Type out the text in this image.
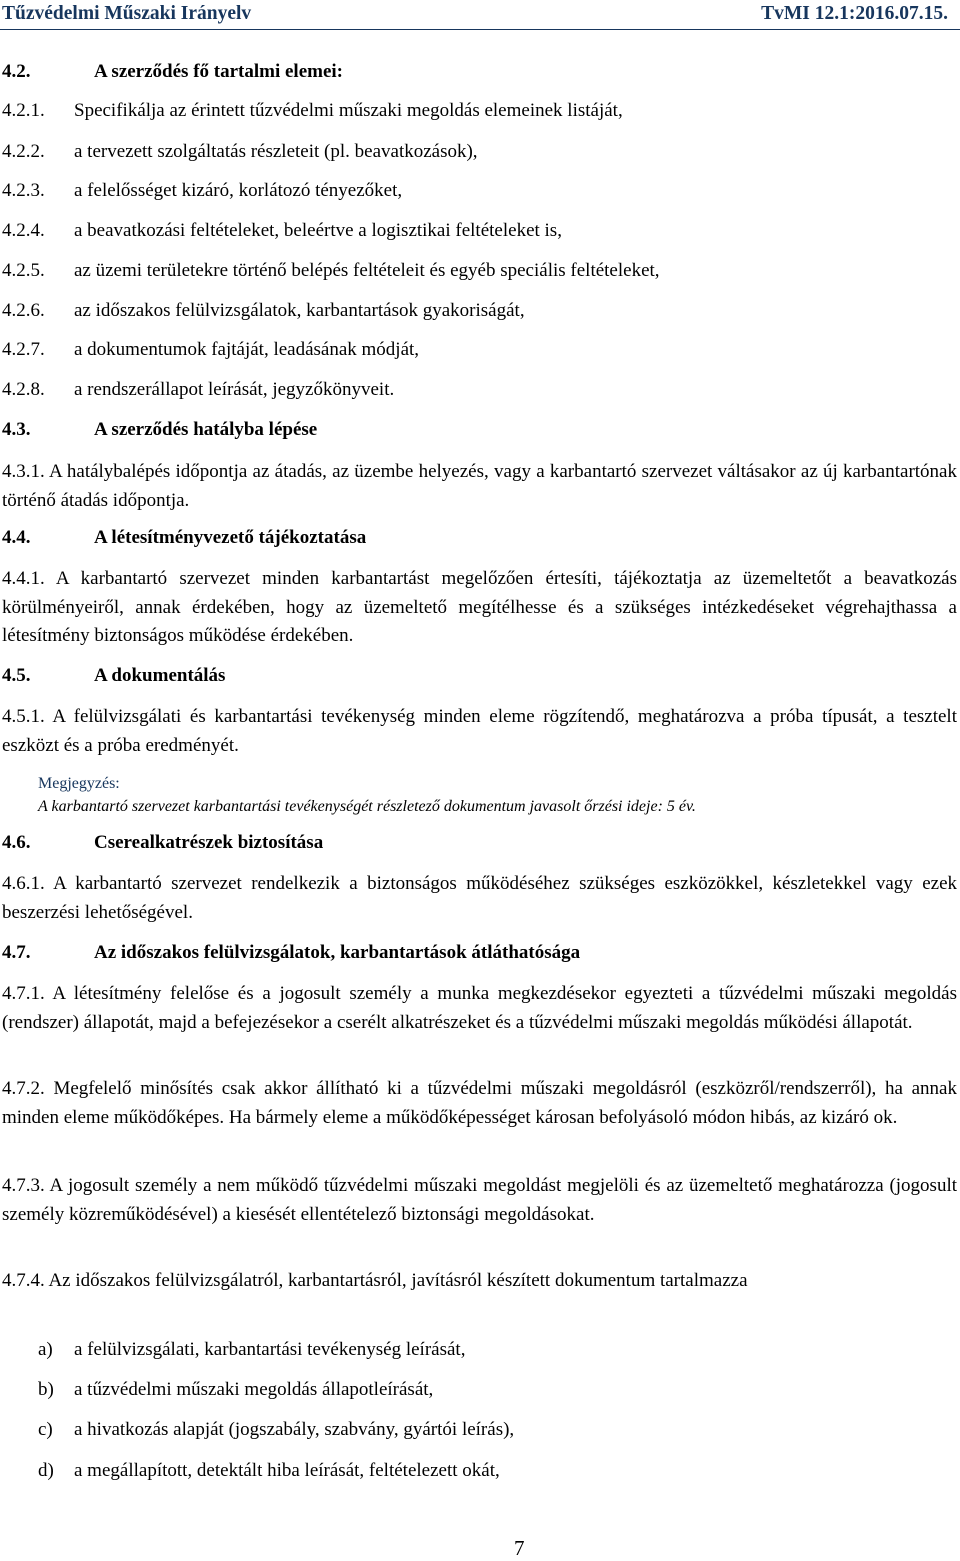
Tűzvédelmi Műszaki Irányelv	TvMI 12.1:2016.07.15.
4.2.	A szerződés fő tartalmi elemei:
4.2.1. Specifikálja az érintett tűzvédelmi műszaki megoldás elemeinek listáját,
4.2.2. a tervezett szolgáltatás részleteit (pl. beavatkozások),
4.2.3. a felelősséget kizáró, korlátozó tényezőket,
4.2.4. a beavatkozási feltételeket, beleértve a logisztikai feltételeket is,
4.2.5. az üzemi területekre történő belépés feltételeit és egyéb speciális feltételeket,
4.2.6. az időszakos felülvizsgálatok, karbantartások gyakoriságát,
4.2.7. a dokumentumok fajtáját, leadásának módját,
4.2.8. a rendszerállapot leírását, jegyzőkönyveit.
4.3.	A szerződés hatályba lépése
4.3.1. A hatálybalépés időpontja az átadás, az üzembe helyezés, vagy a karbantartó szervezet váltásakor az új karbantartónak történő átadás időpontja.
4.4.	A létesítményvezető tájékoztatása
4.4.1. A karbantartó szervezet minden karbantartást megelőzően értesíti, tájékoztatja az üzemeltetőt a beavatkozás körülményeiről, annak érdekében, hogy az üzemeltető megítélhesse és a szükséges intézkedéseket végrehajthassa a létesítmény biztonságos működése érdekében.
4.5.	A dokumentálás
4.5.1. A felülvizsgálati és karbantartási tevékenység minden eleme rögzítendő, meghatározva a próba típusát, a tesztelt eszközt és a próba eredményét.
Megjegyzés:
A karbantartó szervezet karbantartási tevékenységét részletező dokumentum javasolt őrzési ideje: 5 év.
4.6.	Cserealkatrészek biztosítása
4.6.1. A karbantartó szervezet rendelkezik a biztonságos működéséhez szükséges eszközökkel, készletekkel vagy ezek beszerzési lehetőségével.
4.7.	Az időszakos felülvizsgálatok, karbantartások átláthatósága
4.7.1. A létesítmény felelőse és a jogosult személy a munka megkezdésekor egyezteti a tűzvédelmi műszaki megoldás (rendszer) állapotát, majd a befejezésekor a cserélt alkatrészeket és a tűzvédelmi műszaki megoldás működési állapotát.
4.7.2. Megfelelő minősítés csak akkor állítható ki a tűzvédelmi műszaki megoldásról (eszközről/rendszerről), ha annak minden eleme működőképes. Ha bármely eleme a működőképességet károsan befolyásoló módon hibás, az kizáró ok.
4.7.3. A jogosult személy a nem működő tűzvédelmi műszaki megoldást megjelöli és az üzemeltető meghatározza (jogosult személy közreműködésével) a kiesését ellentételező biztonsági megoldásokat.
4.7.4. Az időszakos felülvizsgálatról, karbantartásról, javításról készített dokumentum tartalmazza
a) a felülvizsgálati, karbantartási tevékenység leírását,
b) a tűzvédelmi műszaki megoldás állapotleírását,
c) a hivatkozás alapját (jogszabály, szabvány, gyártói leírás),
d) a megállapított, detektált hiba leírását, feltételezett okát,
7
